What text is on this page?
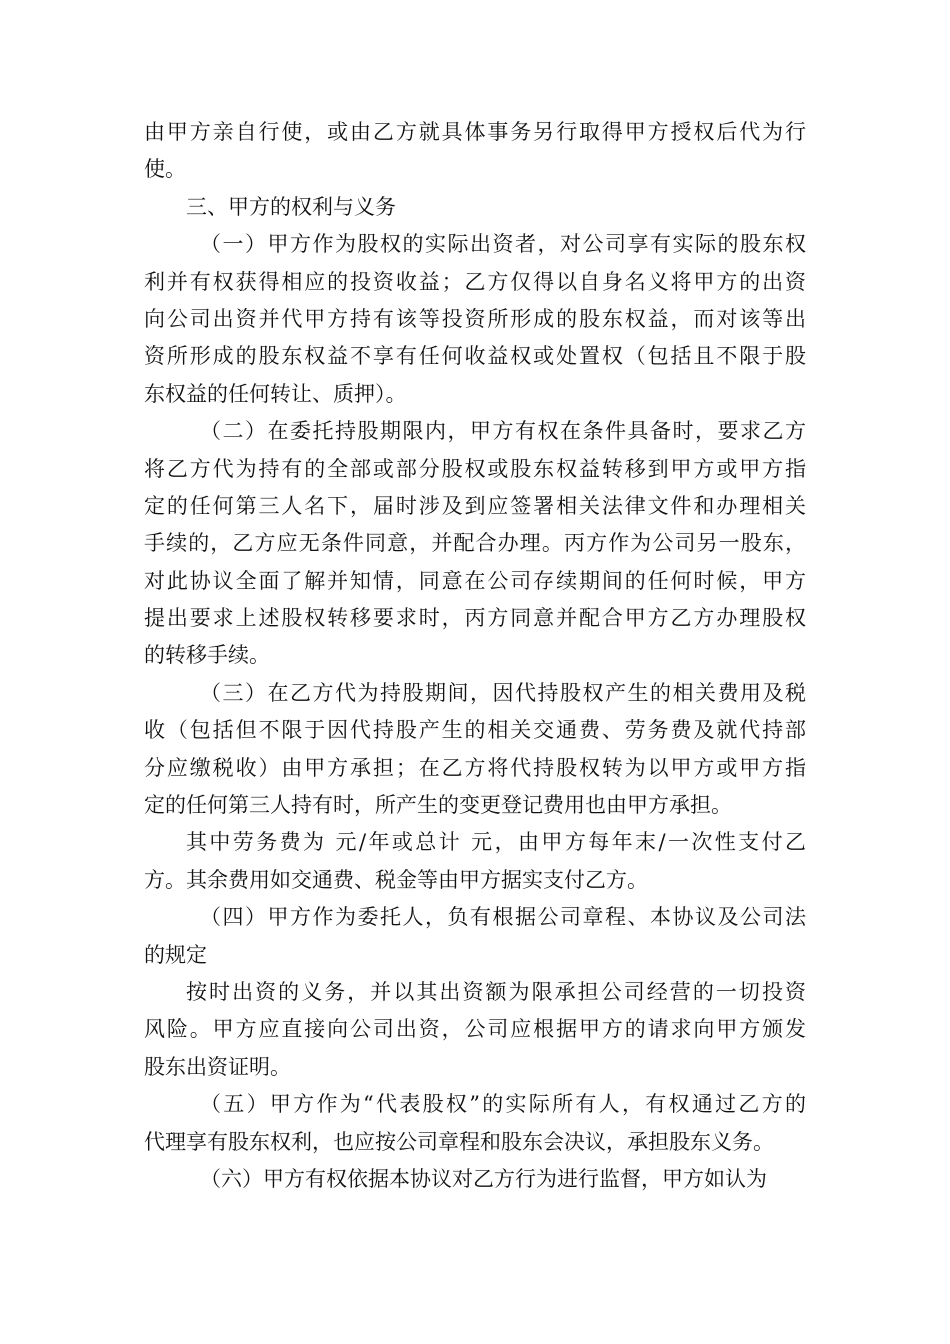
由甲方亲自行使，或由乙方就具体事务另行取得甲方授权后代为行
使。
三、甲方的权利与义务
（一）甲方作为股权的实际出资者，对公司享有实际的股东权
利并有权获得相应的投资收益；乙方仅得以自身名义将甲方的出资
向公司出资并代甲方持有该等投资所形成的股东权益，而对该等出
资所形成的股东权益不享有任何收益权或处置权（包括且不限于股
东权益的任何转让、质押）。
（二）在委托持股期限内，甲方有权在条件具备时，要求乙方
将乙方代为持有的全部或部分股权或股东权益转移到甲方或甲方指
定的任何第三人名下，届时涉及到应签署相关法律文件和办理相关
手续的，乙方应无条件同意，并配合办理。丙方作为公司另一股东，
对此协议全面了解并知情，同意在公司存续期间的任何时候，甲方
提出要求上述股权转移要求时，丙方同意并配合甲方乙方办理股权
的转移手续。
（三）在乙方代为持股期间，因代持股权产生的相关费用及税
收（包括但不限于因代持股产生的相关交通费、劳务费及就代持部
分应缴税收）由甲方承担；在乙方将代持股权转为以甲方或甲方指
定的任何第三人持有时，所产生的变更登记费用也由甲方承担。
其中劳务费为 元/年或总计 元，由甲方每年末/一次性支付乙
方。其余费用如交通费、税金等由甲方据实支付乙方。
（四）甲方作为委托人，负有根据公司章程、本协议及公司法
的规定
按时出资的义务，并以其出资额为限承担公司经营的一切投资
风险。甲方应直接向公司出资，公司应根据甲方的请求向甲方颁发
股东出资证明。
（五）甲方作为“代表股权”的实际所有人，有权通过乙方的
代理享有股东权利，也应按公司章程和股东会决议，承担股东义务。
（六）甲方有权依据本协议对乙方行为进行监督，甲方如认为
